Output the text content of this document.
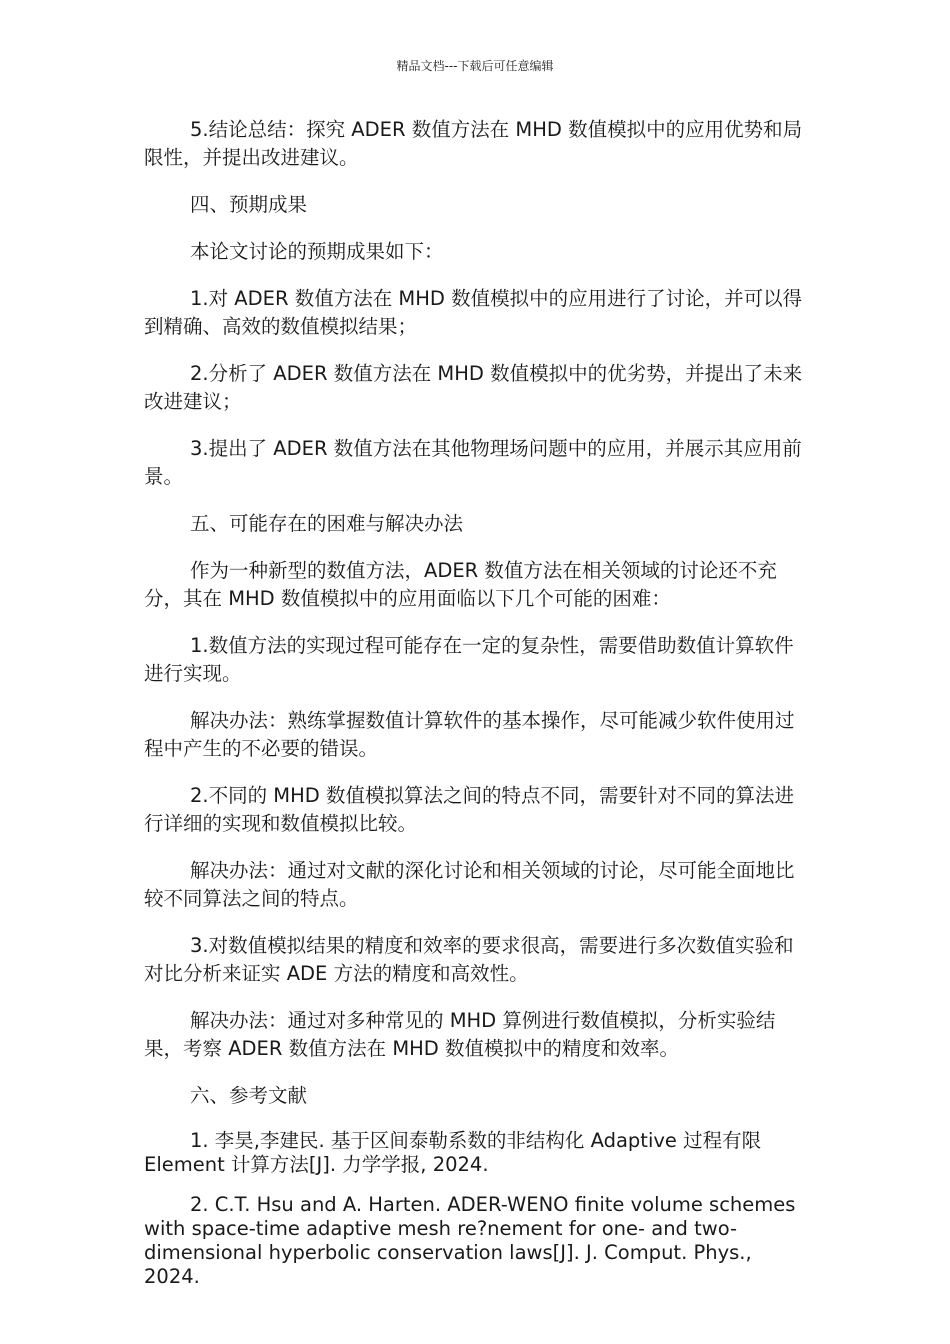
精品文档---下载后可任意编辑

5.结论总结：探究 ADER 数值方法在 MHD 数值模拟中的应用优势和局限性，并提出改进建议。

四、预期成果

本论文讨论的预期成果如下：

1.对 ADER 数值方法在 MHD 数值模拟中的应用进行了讨论，并可以得到精确、高效的数值模拟结果；

2.分析了 ADER 数值方法在 MHD 数值模拟中的优劣势，并提出了未来改进建议；

3.提出了 ADER 数值方法在其他物理场问题中的应用，并展示其应用前景。

五、可能存在的困难与解决办法

作为一种新型的数值方法，ADER 数值方法在相关领域的讨论还不充分，其在 MHD 数值模拟中的应用面临以下几个可能的困难：

1.数值方法的实现过程可能存在一定的复杂性，需要借助数值计算软件进行实现。

解决办法：熟练掌握数值计算软件的基本操作，尽可能减少软件使用过程中产生的不必要的错误。

2.不同的 MHD 数值模拟算法之间的特点不同，需要针对不同的算法进行详细的实现和数值模拟比较。

解决办法：通过对文献的深化讨论和相关领域的讨论，尽可能全面地比较不同算法之间的特点。

3.对数值模拟结果的精度和效率的要求很高，需要进行多次数值实验和对比分析来证实 ADE 方法的精度和高效性。

解决办法：通过对多种常见的 MHD 算例进行数值模拟，分析实验结果，考察 ADER 数值方法在 MHD 数值模拟中的精度和效率。

六、参考文献

1. 李昊,李建民. 基于区间泰勒系数的非结构化 Adaptive 过程有限 Element 计算方法[J]. 力学学报, 2024.

2. C.T. Hsu and A. Harten. ADER-WENO finite volume schemes with space-time adaptive mesh re?nement for one- and two-dimensional hyperbolic conservation laws[J]. J. Comput. Phys., 2024.
